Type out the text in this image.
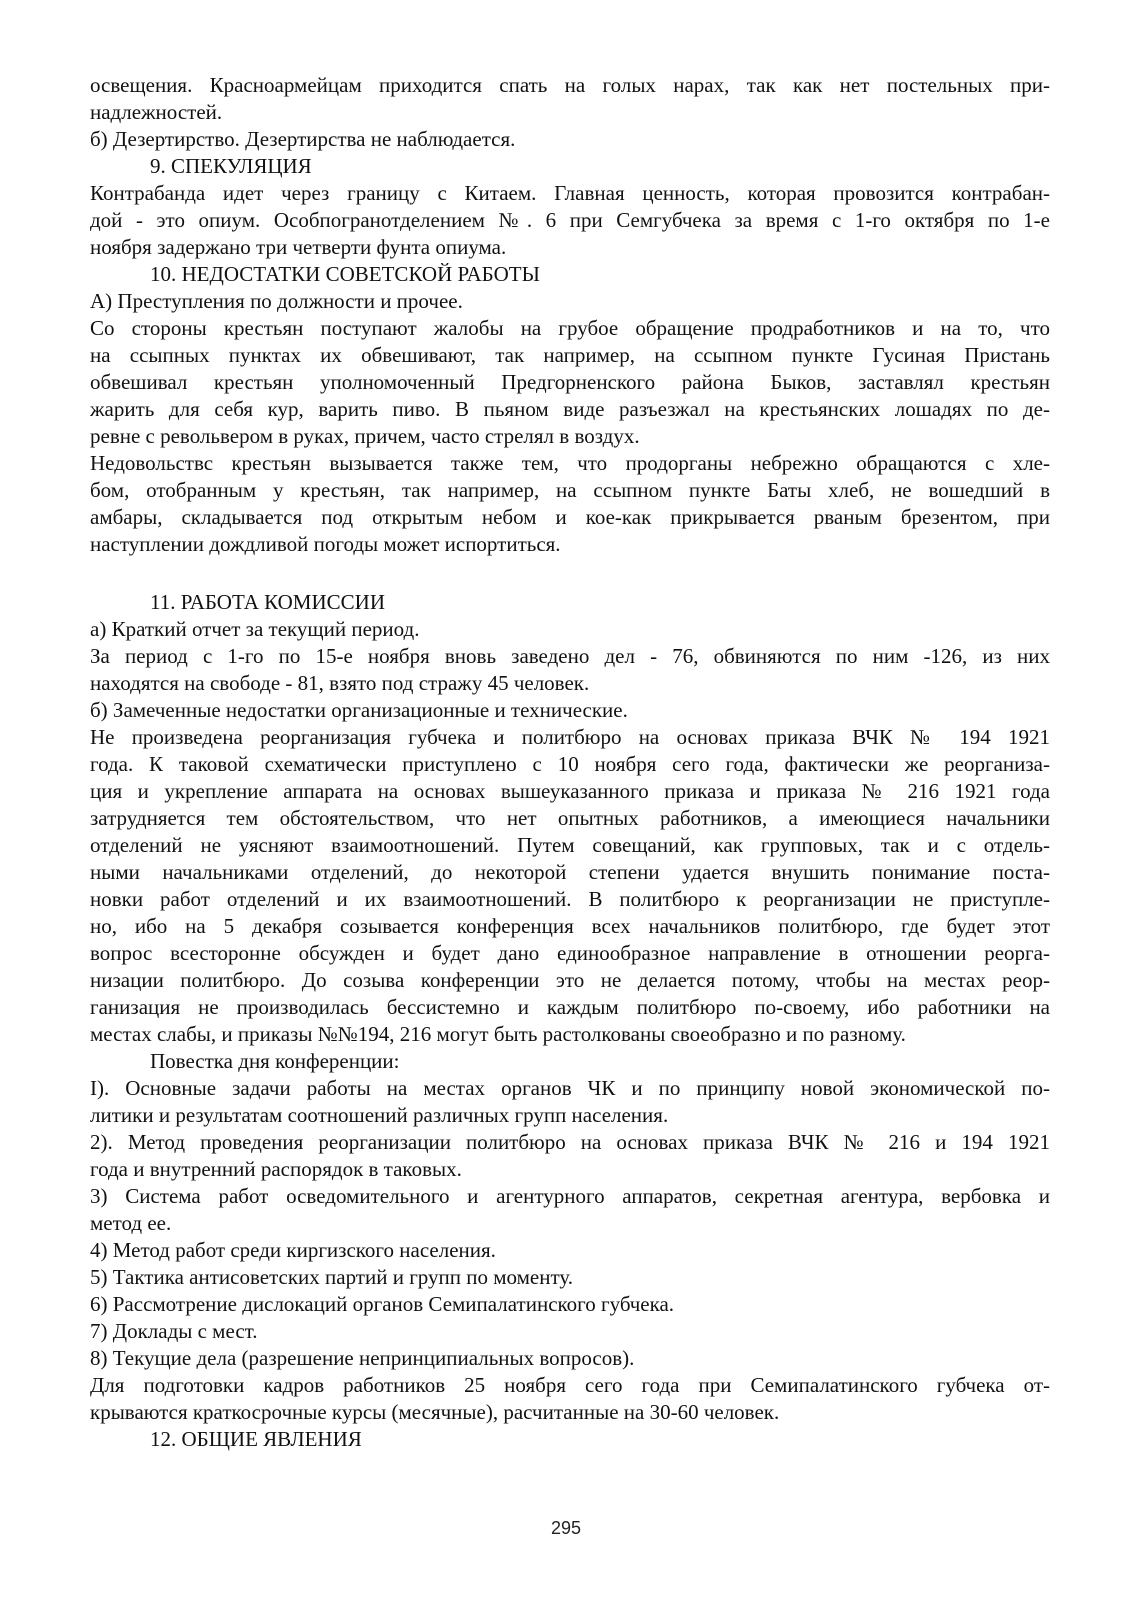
освещения. Красноармейцам приходится спать на голых нарах, так как нет постельных при-
надлежностей.
б) Дезертирство. Дезертирства не наблюдается.
9. СПЕКУЛЯЦИЯ
Контрабанда идет через границу с Китаем. Главная ценность, которая провозится контрабан-
дой - это опиум. Особпогранотделением №. 6 при Семгубчека за время с 1-го октября по 1-е
ноября задержано три четверти фунта опиума.
10. НЕДОСТАТКИ СОВЕТСКОЙ РАБОТЫ
А) Преступления по должности и прочее.
Со стороны крестьян поступают жалобы на грубое обращение продработников и на то, что
на ссыпных пунктах их обвешивают, так например, на ссыпном пункте Гусиная Пристань
обвешивал крестьян уполномоченный Предгорненского района Быков, заставлял крестьян
жарить для себя кур, варить пиво. В пьяном виде разъезжал на крестьянских лошадях по де-
ревне с револьвером в руках, причем, часто стрелял в воздух.
Недовольствс крестьян вызывается также тем, что продорганы небрежно обращаются с хле-
бом, отобранным у крестьян, так например, на ссыпном пункте Баты хлеб, не вошедший в
амбары, складывается под открытым небом и кое-как прикрывается рваным брезентом, при
наступлении дождливой погоды может испортиться.
11. РАБОТА КОМИССИИ
а) Краткий отчет за текущий период.
За период с 1-го по 15-е ноября вновь заведено дел - 76, обвиняются по ним -126, из них
находятся на свободе - 81, взято под стражу 45 человек.
б) Замеченные недостатки организационные и технические.
Не произведена реорганизация губчека и политбюро на основах приказа ВЧК № 194 1921
года. К таковой схематически приступлено с 10 ноября сего года, фактически же реорганиза-
ция и укрепление аппарата на основах вышеуказанного приказа и приказа № 216 1921 года
затрудняется тем обстоятельством, что нет опытных работников, а имеющиеся начальники
отделений не уясняют взаимоотношений. Путем совещаний, как групповых, так и с отдель-
ными начальниками отделений, до некоторой степени удается внушить понимание поста-
новки работ отделений и их взаимоотношений. В политбюро к реорганизации не приступле-
но, ибо на 5 декабря созывается конференция всех начальников политбюро, где будет этот
вопрос всесторонне обсужден и будет дано единообразное направление в отношении реорга-
низации политбюро. До созыва конференции это не делается потому, чтобы на местах реор-
ганизация не производилась бессистемно и каждым политбюро по-своему, ибо работники на
местах слабы, и приказы №№194, 216 могут быть растолкованы своеобразно и по разному.
Повестка дня конференции:
I). Основные задачи работы на местах органов ЧК и по принципу новой экономической по-
литики и результатам соотношений различных групп населения.
2). Метод проведения реорганизации политбюро на основах приказа ВЧК № 216 и 194 1921
года и внутренний распорядок в таковых.
3) Система работ осведомительного и агентурного аппаратов, секретная агентура, вербовка и
метод ее.
4) Метод работ среди киргизского населения.
5) Тактика антисоветских партий и групп по моменту.
6) Рассмотрение дислокаций органов Семипалатинского губчека.
7) Доклады с мест.
8) Текущие дела (разрешение непринципиальных вопросов).
Для подготовки кадров работников 25 ноября сего года при Семипалатинского губчека от-
крываются краткосрочные курсы (месячные), расчитанные на 30-60 человек.
12. ОБЩИЕ ЯВЛЕНИЯ
295
